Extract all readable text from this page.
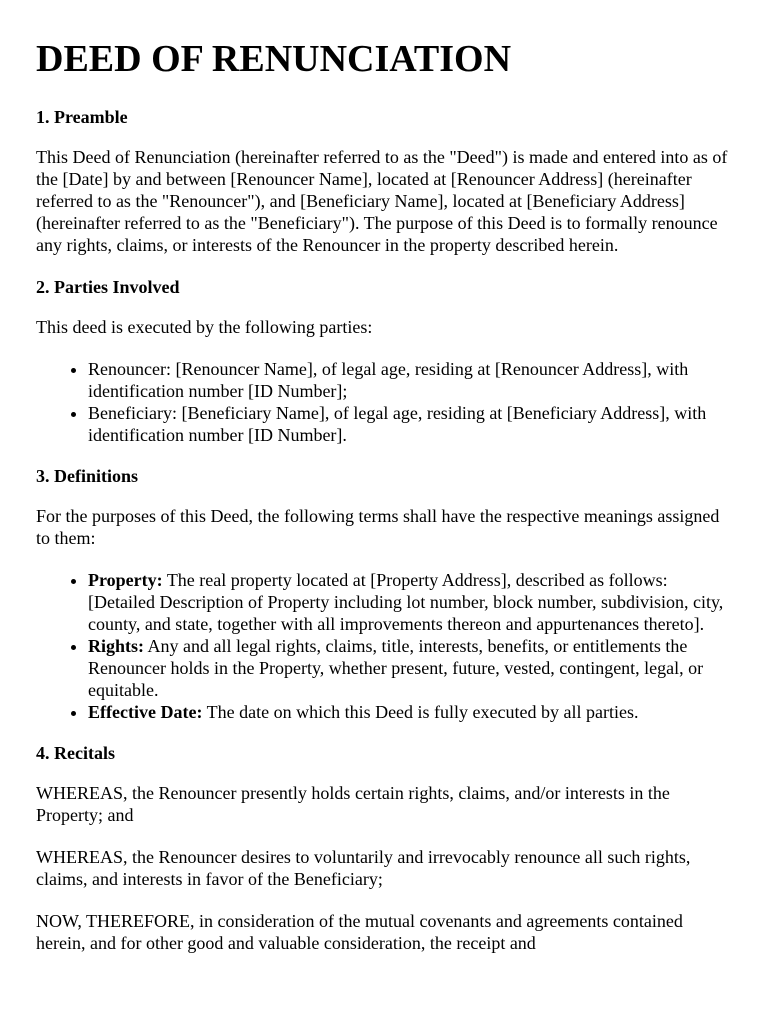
DEED OF RENUNCIATION
1. Preamble

This Deed of Renunciation (hereinafter referred to as the "Deed") is made and entered into as of the [Date] by and between [Renouncer Name], located at [Renouncer Address] (hereinafter referred to as the "Renouncer"), and [Beneficiary Name], located at [Beneficiary Address] (hereinafter referred to as the "Beneficiary"). The purpose of this Deed is to formally renounce any rights, claims, or interests of the Renouncer in the property described herein.

2. Parties Involved

This deed is executed by the following parties:

• Renouncer: [Renouncer Name], of legal age, residing at [Renouncer Address], with identification number [ID Number];
• Beneficiary: [Beneficiary Name], of legal age, residing at [Beneficiary Address], with identification number [ID Number].
3. Definitions

For the purposes of this Deed, the following terms shall have the respective meanings assigned to them:

• Property: The real property located at [Property Address], described as follows: [Detailed Description of Property including lot number, block number, subdivision, city, county, and state, together with all improvements thereon and appurtenances thereto].
• Rights: Any and all legal rights, claims, title, interests, benefits, or entitlements the Renouncer holds in the Property, whether present, future, vested, contingent, legal, or equitable.
• Effective Date: The date on which this Deed is fully executed by all parties.
4. Recitals

WHEREAS, the Renouncer presently holds certain rights, claims, and/or interests in the Property; and

WHEREAS, the Renouncer desires to voluntarily and irrevocably renounce all such rights, claims, and interests in favor of the Beneficiary;

NOW, THEREFORE, in consideration of the mutual covenants and agreements contained herein, and for other good and valuable consideration, the receipt and
